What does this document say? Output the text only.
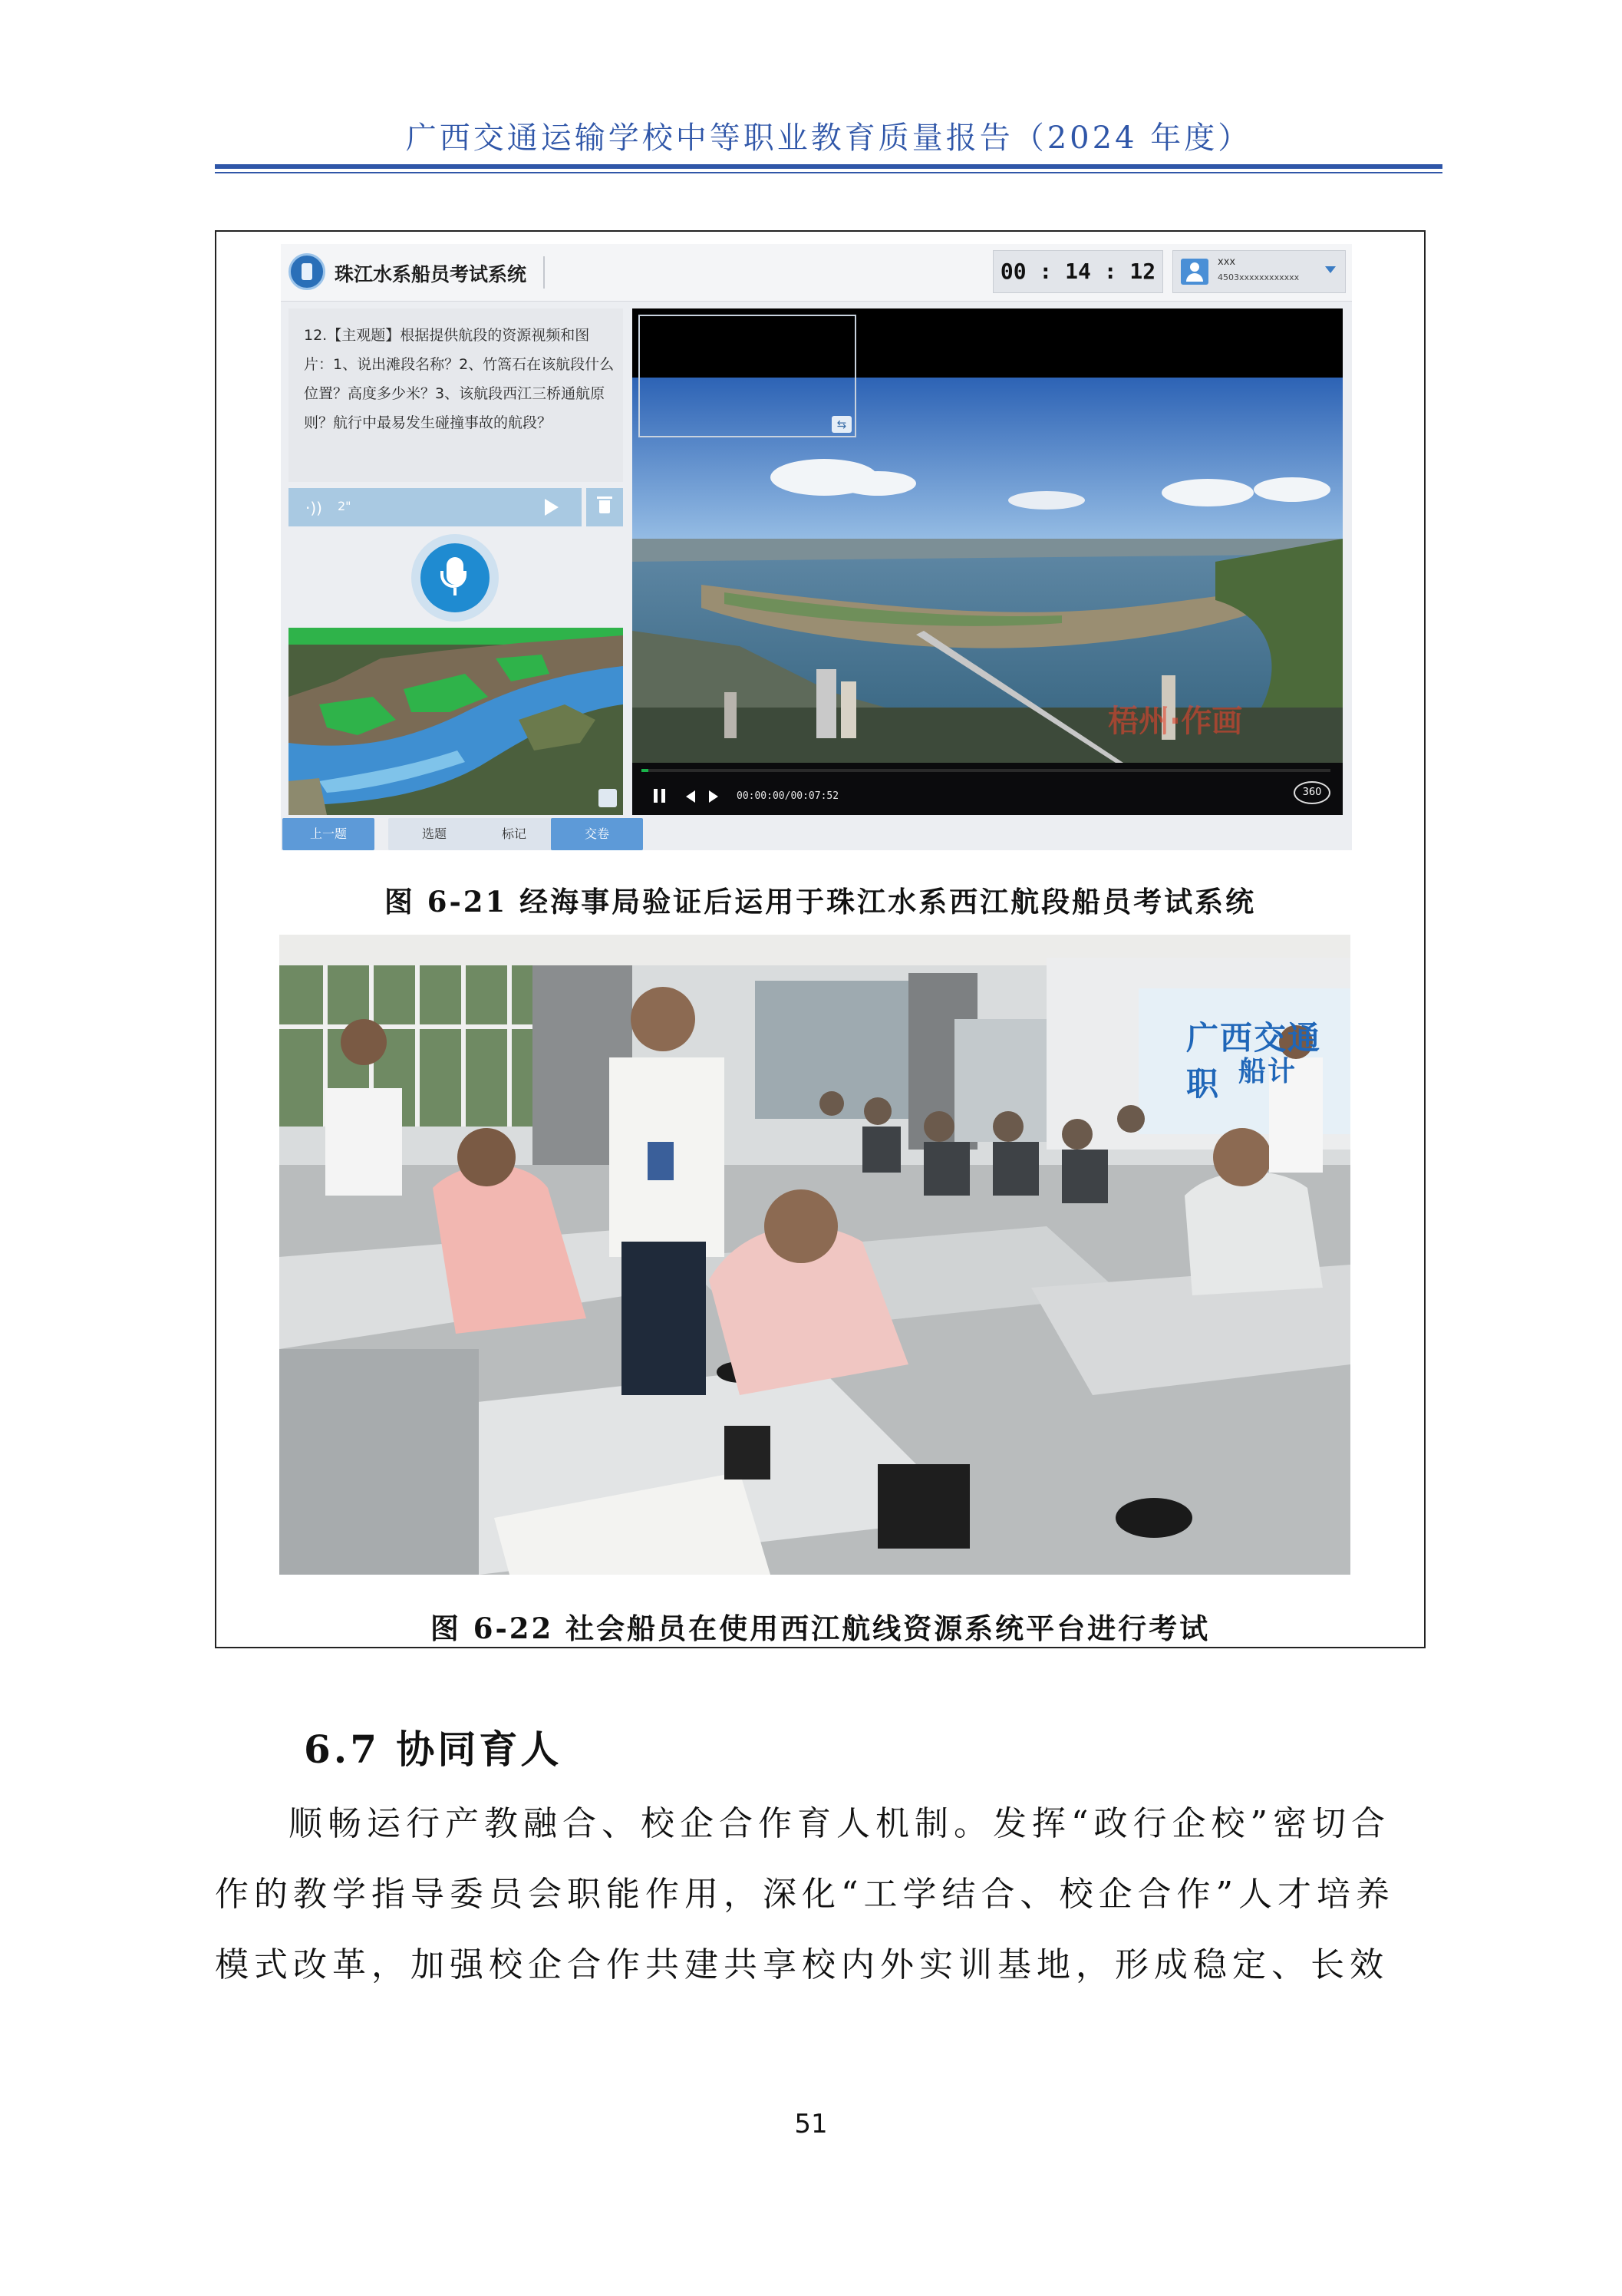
广西交通运输学校中等职业教育质量报告（2024 年度）
珠江水系船员考试系统	00 : 14 : 12	xxx
4503xxxxxxxxxxxx
12.【主观题】根据提供航段的资源视频和图片：1、说出滩段名称？2、竹篙石在该航段什么位置？高度多少米？3、该航段西江三桥通航原则？航行中最易发生碰撞事故的航段？
·)) 2"
⇆
梧州·作画
00:00:00/00:07:52	360
上一题	选题	标记	交卷
图 6-21 经海事局验证后运用于珠江水系西江航段船员考试系统
广西交通职 船计
图 6-22 社会船员在使用西江航线资源系统平台进行考试
6.7 协同育人
顺畅运行产教融合、校企合作育人机制。发挥“政行企校”密切合
作的教学指导委员会职能作用，深化“工学结合、校企合作”人才培养
模式改革，加强校企合作共建共享校内外实训基地，形成稳定、长效
51
